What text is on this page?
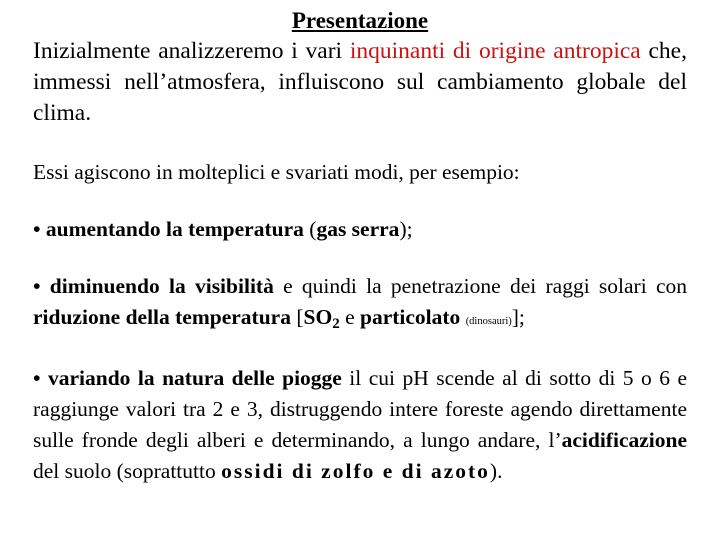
Presentazione

Inizialmente analizzeremo i vari inquinanti di origine antropica che, immessi nell’atmosfera, influiscono sul cambiamento globale del clima.

Essi agiscono in molteplici e svariati modi, per esempio:

• aumentando la temperatura (gas serra);

• diminuendo la visibilità e quindi la penetrazione dei raggi solari con riduzione della temperatura [$SO_2$ e particolato (dinosauri)];

• variando la natura delle piogge il cui pH scende al di sotto di 5 o 6 e raggiunge valori tra 2 e 3, distruggendo intere foreste agendo direttamente sulle fronde degli alberi e determinando, a lungo andare, l’acidificazione del suolo (soprattutto ossidi di zolfo e di azoto).
